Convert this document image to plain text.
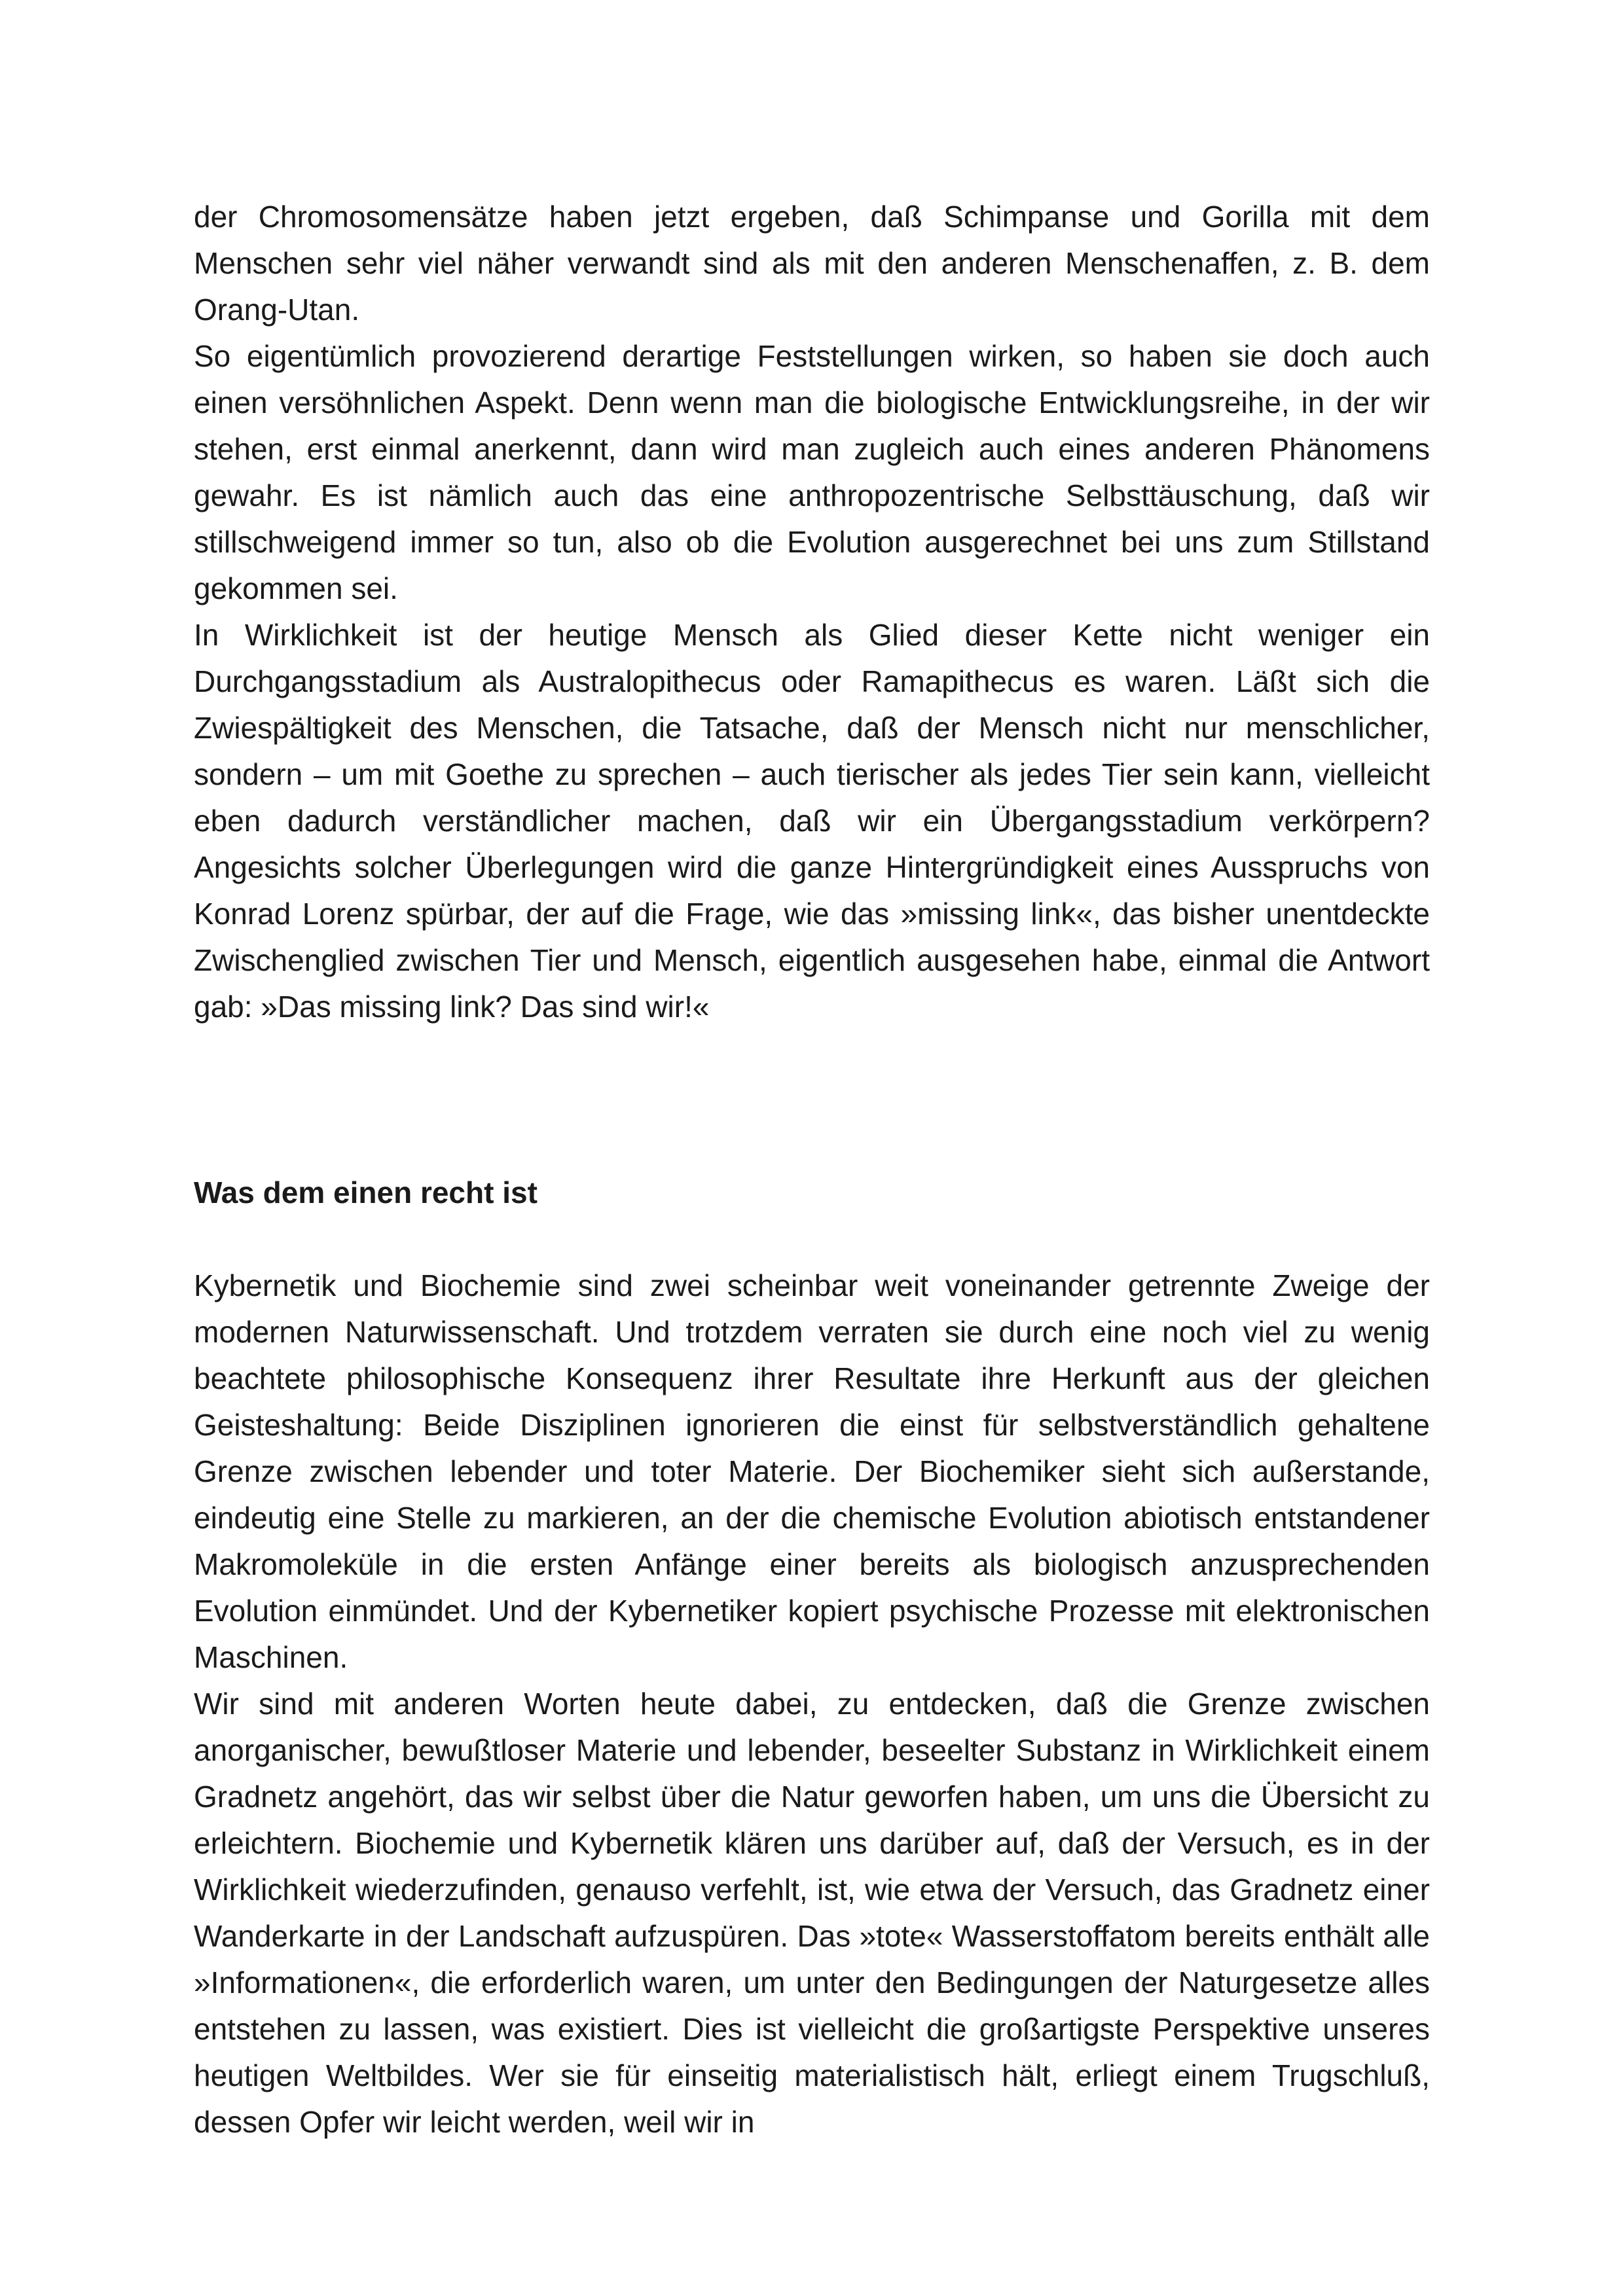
der Chromosomensätze haben jetzt ergeben, daß Schimpanse und Gorilla mit dem Menschen sehr viel näher verwandt sind als mit den anderen Menschenaffen, z. B. dem Orang-Utan.

So eigentümlich provozierend derartige Feststellungen wirken, so haben sie doch auch einen versöhnlichen Aspekt. Denn wenn man die biologische Entwicklungsreihe, in der wir stehen, erst einmal anerkennt, dann wird man zugleich auch eines anderen Phänomens gewahr. Es ist nämlich auch das eine anthropozentrische Selbsttäuschung, daß wir stillschweigend immer so tun, also ob die Evolution ausgerechnet bei uns zum Stillstand gekommen sei.

In Wirklichkeit ist der heutige Mensch als Glied dieser Kette nicht weniger ein Durchgangsstadium als Australopithecus oder Ramapithecus es waren. Läßt sich die Zwiespältigkeit des Menschen, die Tatsache, daß der Mensch nicht nur menschlicher, sondern – um mit Goethe zu sprechen – auch tierischer als jedes Tier sein kann, vielleicht eben dadurch verständlicher machen, daß wir ein Übergangsstadium verkörpern? Angesichts solcher Überlegungen wird die ganze Hintergründigkeit eines Ausspruchs von Konrad Lorenz spürbar, der auf die Frage, wie das »missing link«, das bisher unentdeckte Zwischenglied zwischen Tier und Mensch, eigentlich ausgesehen habe, einmal die Antwort gab: »Das missing link? Das sind wir!«

Was dem einen recht ist

Kybernetik und Biochemie sind zwei scheinbar weit voneinander getrennte Zweige der modernen Naturwissenschaft. Und trotzdem verraten sie durch eine noch viel zu wenig beachtete philosophische Konsequenz ihrer Resultate ihre Herkunft aus der gleichen Geisteshaltung: Beide Disziplinen ignorieren die einst für selbstverständlich gehaltene Grenze zwischen lebender und toter Materie. Der Biochemiker sieht sich außerstande, eindeutig eine Stelle zu markieren, an der die chemische Evolution abiotisch entstandener Makromoleküle in die ersten Anfänge einer bereits als biologisch anzusprechenden Evolution einmündet. Und der Kybernetiker kopiert psychische Prozesse mit elektronischen Maschinen.

Wir sind mit anderen Worten heute dabei, zu entdecken, daß die Grenze zwischen anorganischer, bewußtloser Materie und lebender, beseelter Substanz in Wirklichkeit einem Gradnetz angehört, das wir selbst über die Natur geworfen haben, um uns die Übersicht zu erleichtern. Biochemie und Kybernetik klären uns darüber auf, daß der Versuch, es in der Wirklichkeit wiederzufinden, genauso verfehlt, ist, wie etwa der Versuch, das Gradnetz einer Wanderkarte in der Landschaft aufzuspüren. Das »tote« Wasserstoffatom bereits enthält alle »Informationen«, die erforderlich waren, um unter den Bedingungen der Naturgesetze alles entstehen zu lassen, was existiert. Dies ist vielleicht die großartigste Perspektive unseres heutigen Weltbildes. Wer sie für einseitig materialistisch hält, erliegt einem Trugschluß, dessen Opfer wir leicht werden, weil wir in
